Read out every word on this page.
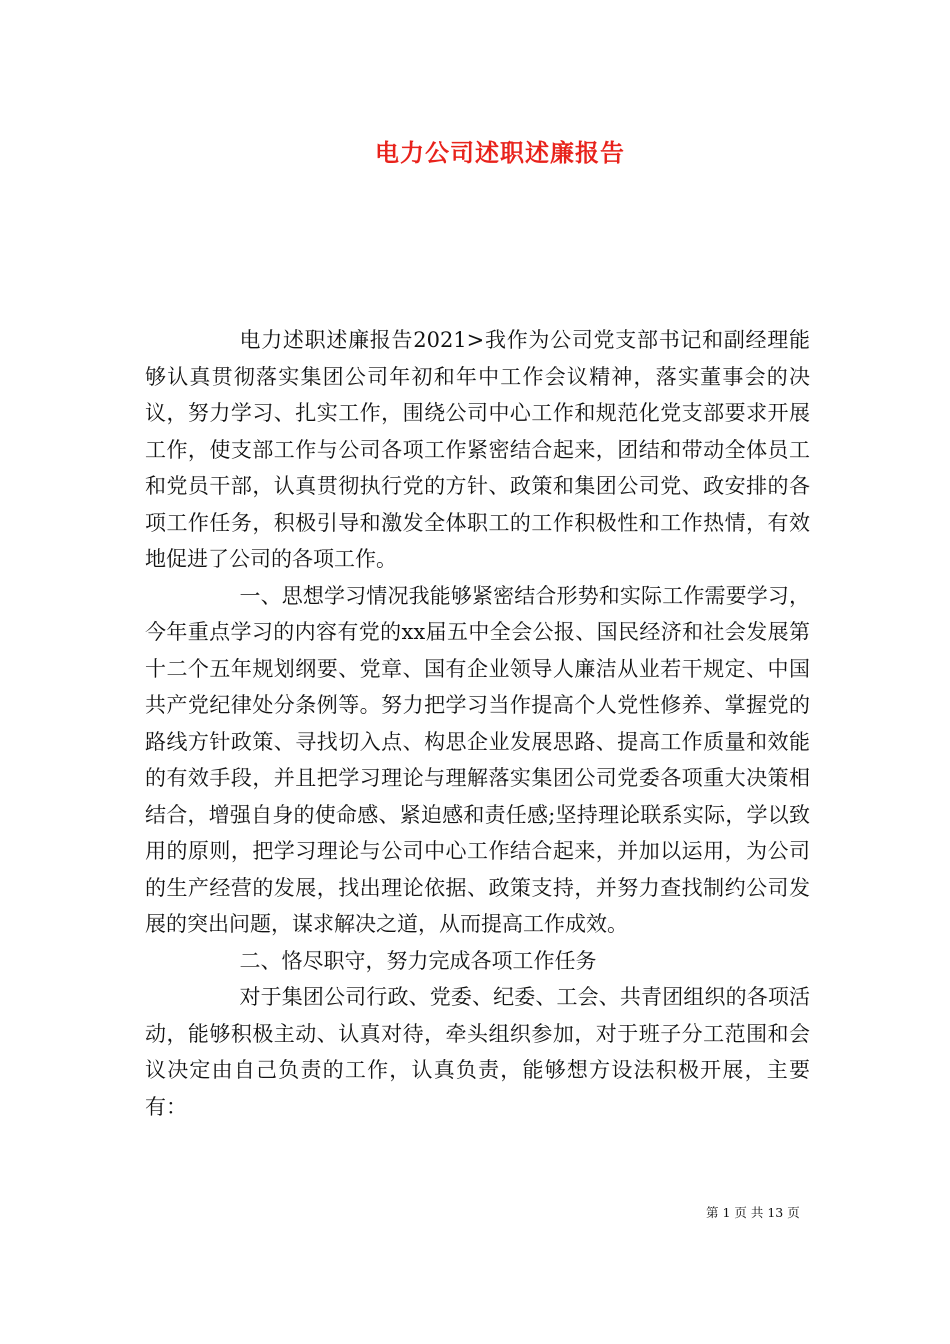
电力公司述职述廉报告

电力述职述廉报告2021>我作为公司党支部书记和副经理能够认真贯彻落实集团公司年初和年中工作会议精神，落实董事会的决议，努力学习、扎实工作，围绕公司中心工作和规范化党支部要求开展工作，使支部工作与公司各项工作紧密结合起来，团结和带动全体员工和党员干部，认真贯彻执行党的方针、政策和集团公司党、政安排的各项工作任务，积极引导和激发全体职工的工作积极性和工作热情，有效地促进了公司的各项工作。

一、思想学习情况我能够紧密结合形势和实际工作需要学习，今年重点学习的内容有党的xx届五中全会公报、国民经济和社会发展第十二个五年规划纲要、党章、国有企业领导人廉洁从业若干规定、中国共产党纪律处分条例等。努力把学习当作提高个人党性修养、掌握党的路线方针政策、寻找切入点、构思企业发展思路、提高工作质量和效能的有效手段，并且把学习理论与理解落实集团公司党委各项重大决策相结合，增强自身的使命感、紧迫感和责任感;坚持理论联系实际，学以致用的原则，把学习理论与公司中心工作结合起来，并加以运用，为公司的生产经营的发展，找出理论依据、政策支持，并努力查找制约公司发展的突出问题，谋求解决之道，从而提高工作成效。

二、恪尽职守，努力完成各项工作任务

对于集团公司行政、党委、纪委、工会、共青团组织的各项活动，能够积极主动、认真对待，牵头组织参加，对于班子分工范围和会议决定由自己负责的工作，认真负责，能够想方设法积极开展，主要有：

第 1 页 共 13 页
